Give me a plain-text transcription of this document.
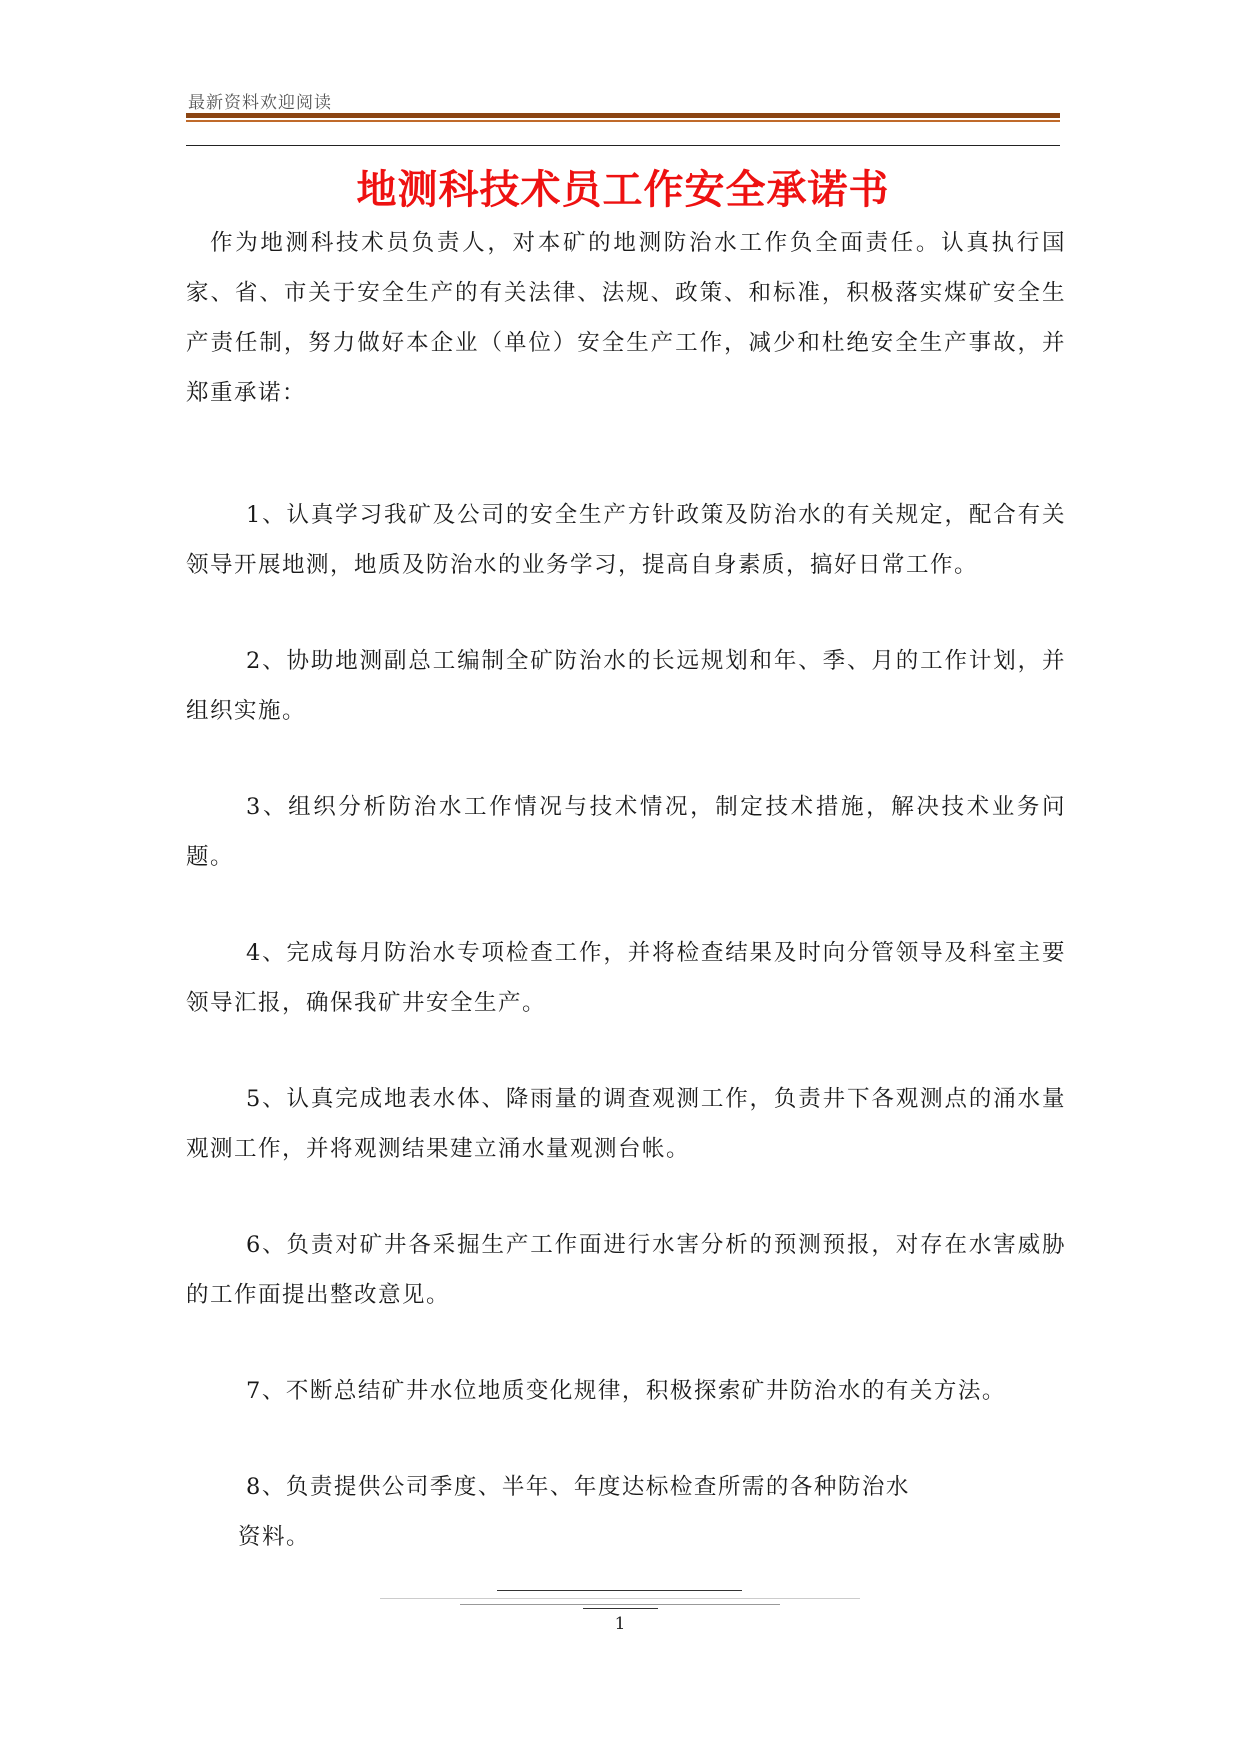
最新资料欢迎阅读
地测科技术员工作安全承诺书

作为地测科技术员负责人，对本矿的地测防治水工作负全面责任。认真执行国家、省、市关于安全生产的有关法律、法规、政策、和标准，积极落实煤矿安全生产责任制，努力做好本企业（单位）安全生产工作，减少和杜绝安全生产事故，并郑重承诺：

1、认真学习我矿及公司的安全生产方针政策及防治水的有关规定，配合有关领导开展地测，地质及防治水的业务学习，提高自身素质，搞好日常工作。

2、协助地测副总工编制全矿防治水的长远规划和年、季、月的工作计划，并组织实施。

3、组织分析防治水工作情况与技术情况，制定技术措施，解决技术业务问题。

4、完成每月防治水专项检查工作，并将检查结果及时向分管领导及科室主要领导汇报，确保我矿井安全生产。

5、认真完成地表水体、降雨量的调查观测工作，负责井下各观测点的涌水量观测工作，并将观测结果建立涌水量观测台帐。

6、负责对矿井各采掘生产工作面进行水害分析的预测预报，对存在水害威胁的工作面提出整改意见。

7、不断总结矿井水位地质变化规律，积极探索矿井防治水的有关方法。

8、负责提供公司季度、半年、年度达标检查所需的各种防治水

资料。

1
